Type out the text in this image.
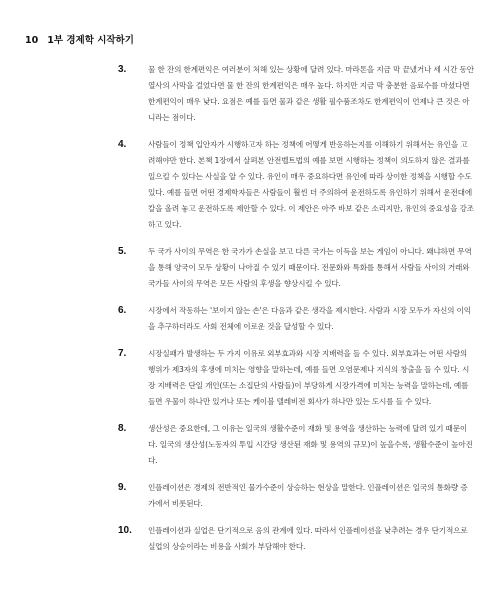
10 1부 경제학 시작하기
3.	물 한 잔의 한계편익은 여러분이 처해 있는 상황에 달려 있다. 마라톤을 지금 막 끝냈거나 세 시간 동안 열사의 사막을 걸었다면 물 한 잔의 한계편익은 매우 높다. 하지만 지금 막 충분한 음료수를 마셨다면 한계편익이 매우 낮다. 요점은 예를 들면 물과 같은 생활 필수품조차도 한계편익이 언제나 큰 것은 아니라는 점이다.

4.	사람들이 정책 입안자가 시행하고자 하는 정책에 어떻게 반응하는지를 이해하기 위해서는 유인을 고려해야만 한다. 본책 1장에서 살펴본 안전벨트법의 예를 보면 시행하는 정책이 의도하지 않은 결과를 일으킬 수 있다는 사실을 알 수 있다. 유인이 매우 중요하다면 유인에 따라 상이한 정책을 시행할 수도 있다. 예를 들면 어떤 경제학자들은 사람들이 훨씬 더 주의하여 운전하도록 유인하기 위해서 운전대에 칼을 올려 놓고 운전하도록 제안할 수 있다. 이 제안은 아주 바보 같은 소리지만, 유인의 중요성을 강조하고 있다.

5.	두 국가 사이의 무역은 한 국가가 손실을 보고 다른 국가는 이득을 보는 게임이 아니다. 왜냐하면 무역을 통해 양국이 모두 상황이 나아질 수 있기 때문이다. 전문화와 특화를 통해서 사람들 사이의 거래와 국가들 사이의 무역은 모든 사람의 후생을 향상시킬 수 있다.

6.	시장에서 작동하는 '보이지 않는 손'은 다음과 같은 생각을 제시한다. 사람과 시장 모두가 자신의 이익을 추구하더라도 사회 전체에 이로운 것을 달성할 수 있다.

7.	시장실패가 발생하는 두 가지 이유로 외부효과와 시장 지배력을 들 수 있다. 외부효과는 어떤 사람의 행위가 제3자의 후생에 미치는 영향을 말하는데, 예를 들면 오염문제나 지식의 창출을 들 수 있다. 시장 지배력은 단일 개인(또는 소집단의 사람들)이 부당하게 시장가격에 미치는 능력을 말하는데, 예를 들면 우물이 하나만 있거나 또는 케이블 텔레비전 회사가 하나만 있는 도시를 들 수 있다.

8.	생산성은 중요한데, 그 이유는 일국의 생활수준이 재화 및 용역을 생산하는 능력에 달려 있기 때문이다. 일국의 생산성(노동자의 투입 시간당 생산된 재화 및 용역의 규모)이 높을수록, 생활수준이 높아진다.

9.	인플레이션은 경제의 전반적인 물가수준이 상승하는 현상을 말한다. 인플레이션은 일국의 통화량 증가에서 비롯된다.

10.	인플레이션과 실업은 단기적으로 음의 관계에 있다. 따라서 인플레이션을 낮추려는 경우 단기적으로 실업의 상승이라는 비용을 사회가 부담해야 한다.
